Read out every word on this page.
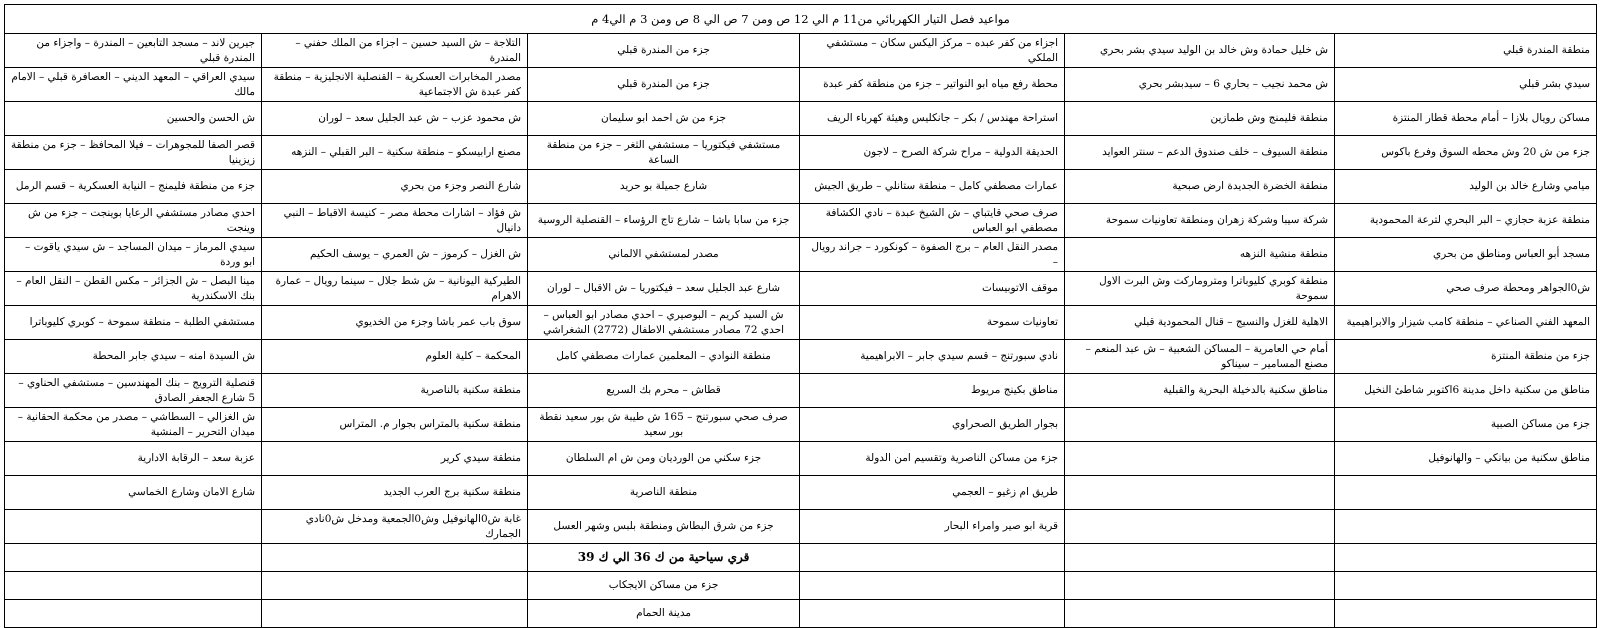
مواعيد فصل التيار الكهربائي من11 م الي 12 ص ومن 7 ص الي 8 ص ومن 3 م الي4 م					
منطقة المندرة قبلي	ش خليل حمادة وش خالد بن الوليد سيدي بشر بحري	اجزاء من كفر عبده – مركز اليكس سكان – مستشفي الملكي	جزء من المندرة قبلي	التلاجة – ش السيد حسين – اجزاء من الملك حفني – المندرة	جيرين لاند – مسجد التابعين – المندرة – واجزاء من المندرة قبلي
سيدي بشر قبلي	ش محمد نجيب – بحاري 6 – سيدبشر بحري	محطة رفع مياه ابو النواتير – جزء من منطقة كفر عبدة	جزء من المندرة قبلي	مصدر المخابرات العسكرية – القنصلية الانجليزية – منطقة كفر عبدة ش الاجتماعية	سيدي العراقي – المعهد الديني – العصافرة قبلي – الامام مالك
مساكن رويال بلازا – أمام محطة قطار المنتزة	منطقة فليمنج وش طمازين	استراحة مهندس / بكر – جانكليس وهيئة كهرباء الريف	جزء من ش احمد ابو سليمان	ش محمود عزب – ش عبد الجليل سعد – لوران	ش الحسن والحسين
جزء من ش 20 وش محطه السوق وفرع باكوس	منطقة السيوف – خلف صندوق الدعم – سنتر العوايد	الحديقة الدولية – مراح شركة الصرح – لاجون	مستشفي فيكتوريا – مستشفي الثغر – جزء من منطقة الساعة	مصنع ارابيسكو – منطقة سكنية – البر القبلي – النزهه	قصر الصفا للمجوهرات – فيلا المحافظ – جزء من منطقة زيزينيا
ميامي وشارع خالد بن الوليد	منطقة الخضرة الجديدة ارض صبحية	عمارات مصطفي كامل – منطقة ستانلي – طريق الجيش	شارع جميلة بو حريد	شارع النصر وجزء من بحري	جزء من منطقة فليمنج – النيابة العسكرية – قسم الرمل
منطقة عزبة حجازي – البر البحري لترعة المحمودية	شركة سيبا وشركة زهران ومنطقة تعاونيات سموحة	صرف صحي قايتباي – ش الشيخ عبدة – نادي الكشافة مصطفي ابو العباس	جزء من سابا باشا – شارع تاج الرؤساء – القنصلية الروسية	ش فؤاد – اشارات محطة مصر – كنيسة الاقباط – النبي دانيال	احدي مصادر مستشفي الرعايا بوينجت – جزء من ش وينجت
مسجد أبو العباس ومناطق من بحري	منطقة منشية النزهه	مصدر النقل العام – برج الصفوة – كونكورد – جراند رويال –	مصدر لمستشفي الالماني	ش الغزل – كرموز – ش العمري – يوسف الحكيم	سيدي المرماز – ميدان المساجد – ش سيدي ياقوت – ابو وردة
ش0الجواهر ومحطة صرف صحي	منطقة كوبري كليوباترا ومتروماركت وش البرت الاول سموحة	موقف الاتوبيسات	شارع عبد الجليل سعد – فيكتوريا – ش الاقبال – لوران	الطيركية اليونانية – ش شط جلال – سينما رويال – عمارة الاهرام	مينا البصل – ش الجزائر – مكس القطن – النقل العام – بنك الاسكندرية
المعهد الفني الصناعي – منطقة كامب شيزار والابراهيمية	الاهلية للغزل والنسيج – قنال المحمودية قبلي	تعاونيات سموحة	ش السيد كريم – البوصيري – احدي مصادر ابو العباس – احدي 72 مصادر مستشفي الاطفال (2772) الشغراشي	سوق باب عمر باشا وجزء من الخديوي	مستشفي الطلبة – منطقة سموحة – كوبري كليوباترا
جزء من منطقة المنتزة	أمام حي العامرية – المساكن الشعبية – ش عبد المنعم – مصنع المسامير – سيناكو	نادي سبورتنج – قسم سيدي جابر – الابراهيمية	منطقة النوادي – المعلمين عمارات مصطفي كامل	المحكمة – كلية العلوم	ش السيدة امنه – سيدي جابر المحطة
مناطق من سكنية داخل مدينة 6اكتوبر شاطئ النخيل	مناطق سكنية بالدخيلة البحرية والقبلية	مناطق بكينج مريوط	قطاش – محرم بك السريع	منطقة سكنية بالناصرية	قنصلية الترويج – بنك المهندسين – مستشفي الحناوي – 5 شارع الجعفر الصادق
جزء من مساكن الصبية		بجوار الطريق الصحراوي	صرف صحي سبورتنج – 165 ش طيبة ش بور سعيد نقطة بور سعيد	منطقة سكنية بالمتراس بجوار م. المتراس	ش الغزالي – السطاشي – مصدر من محكمة الحقانية – ميدان التحرير – المنشية
مناطق سكنية من بيانكي – والهانوفيل		جزء من مساكن الناصرية وتقسيم امن الدولة	جزء سكني من الورديان ومن ش ام السلطان	منطقة سيدي كرير	عزبة سعد – الرقابة الادارية
		طريق ام زغيو – العجمي	منطقة الناصرية	منطقة سكنية برج العرب الجديد	شارع الامان وشارع الخماسي
		قرية ابو صير وامراء البحار	جزء من شرق البطاش ومنطقة بلبس وشهر العسل	غابة ش0الهانوفيل وش0الجمعية ومدخل ش0نادي الجمارك	
			قري سياحية من ك 36 الي ك 39		
			جزء من مساكن الايجكاب		
			مدينة الحمام		
